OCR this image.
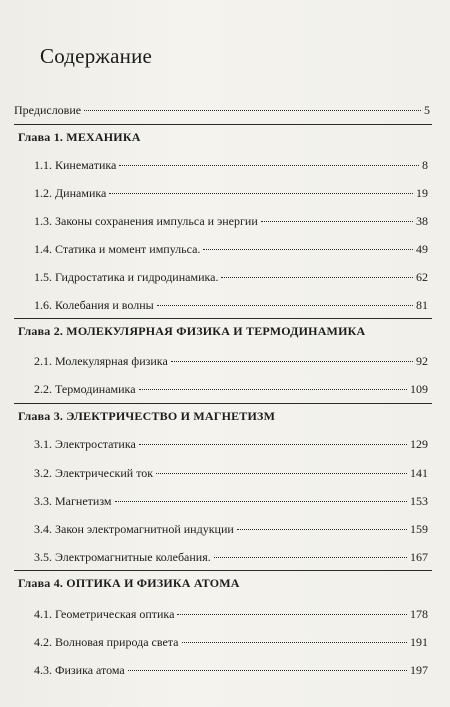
Содержание
Предисловие	5
Глава 1. МЕХАНИКА
1.1. Кинематика	8
1.2. Динамика	19
1.3. Законы сохранения импульса и энергии	38
1.4. Статика и момент импульса.	49
1.5. Гидростатика и гидродинамика.	62
1.6. Колебания и волны	81
Глава 2. МОЛЕКУЛЯРНАЯ ФИЗИКА И ТЕРМОДИНАМИКА
2.1. Молекулярная физика	92
2.2. Термодинамика	109
Глава 3. ЭЛЕКТРИЧЕСТВО И МАГНЕТИЗМ
3.1. Электростатика	129
3.2. Электрический ток	141
3.3. Магнетизм	153
3.4. Закон электромагнитной индукции	159
3.5. Электромагнитные колебания.	167
Глава 4. ОПТИКА И ФИЗИКА АТОМА
4.1. Геометрическая оптика	178
4.2. Волновая природа света	191
4.3. Физика атома	197
